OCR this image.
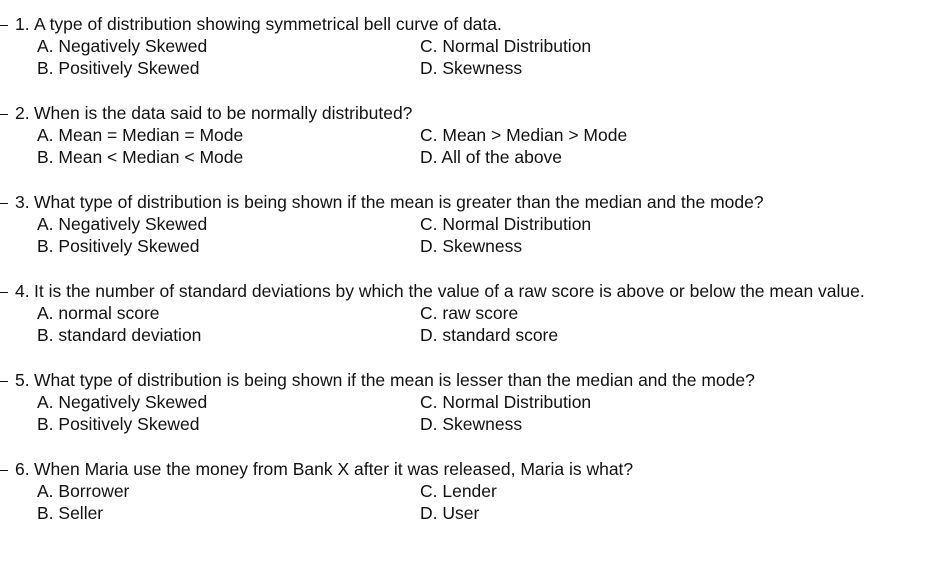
1. A type of distribution showing symmetrical bell curve of data.
A. Negatively Skewed	C. Normal Distribution
B. Positively Skewed	D. Skewness
2. When is the data said to be normally distributed?
A. Mean = Median = Mode	C. Mean > Median > Mode
B. Mean < Median < Mode	D. All of the above
3. What type of distribution is being shown if the mean is greater than the median and the mode?
A. Negatively Skewed	C. Normal Distribution
B. Positively Skewed	D. Skewness
4. It is the number of standard deviations by which the value of a raw score is above or below the mean value.
A. normal score	C. raw score
B. standard deviation	D. standard score
5. What type of distribution is being shown if the mean is lesser than the median and the mode?
A. Negatively Skewed	C. Normal Distribution
B. Positively Skewed	D. Skewness
6. When Maria use the money from Bank X after it was released, Maria is what?
A. Borrower	C. Lender
B. Seller	D. User
